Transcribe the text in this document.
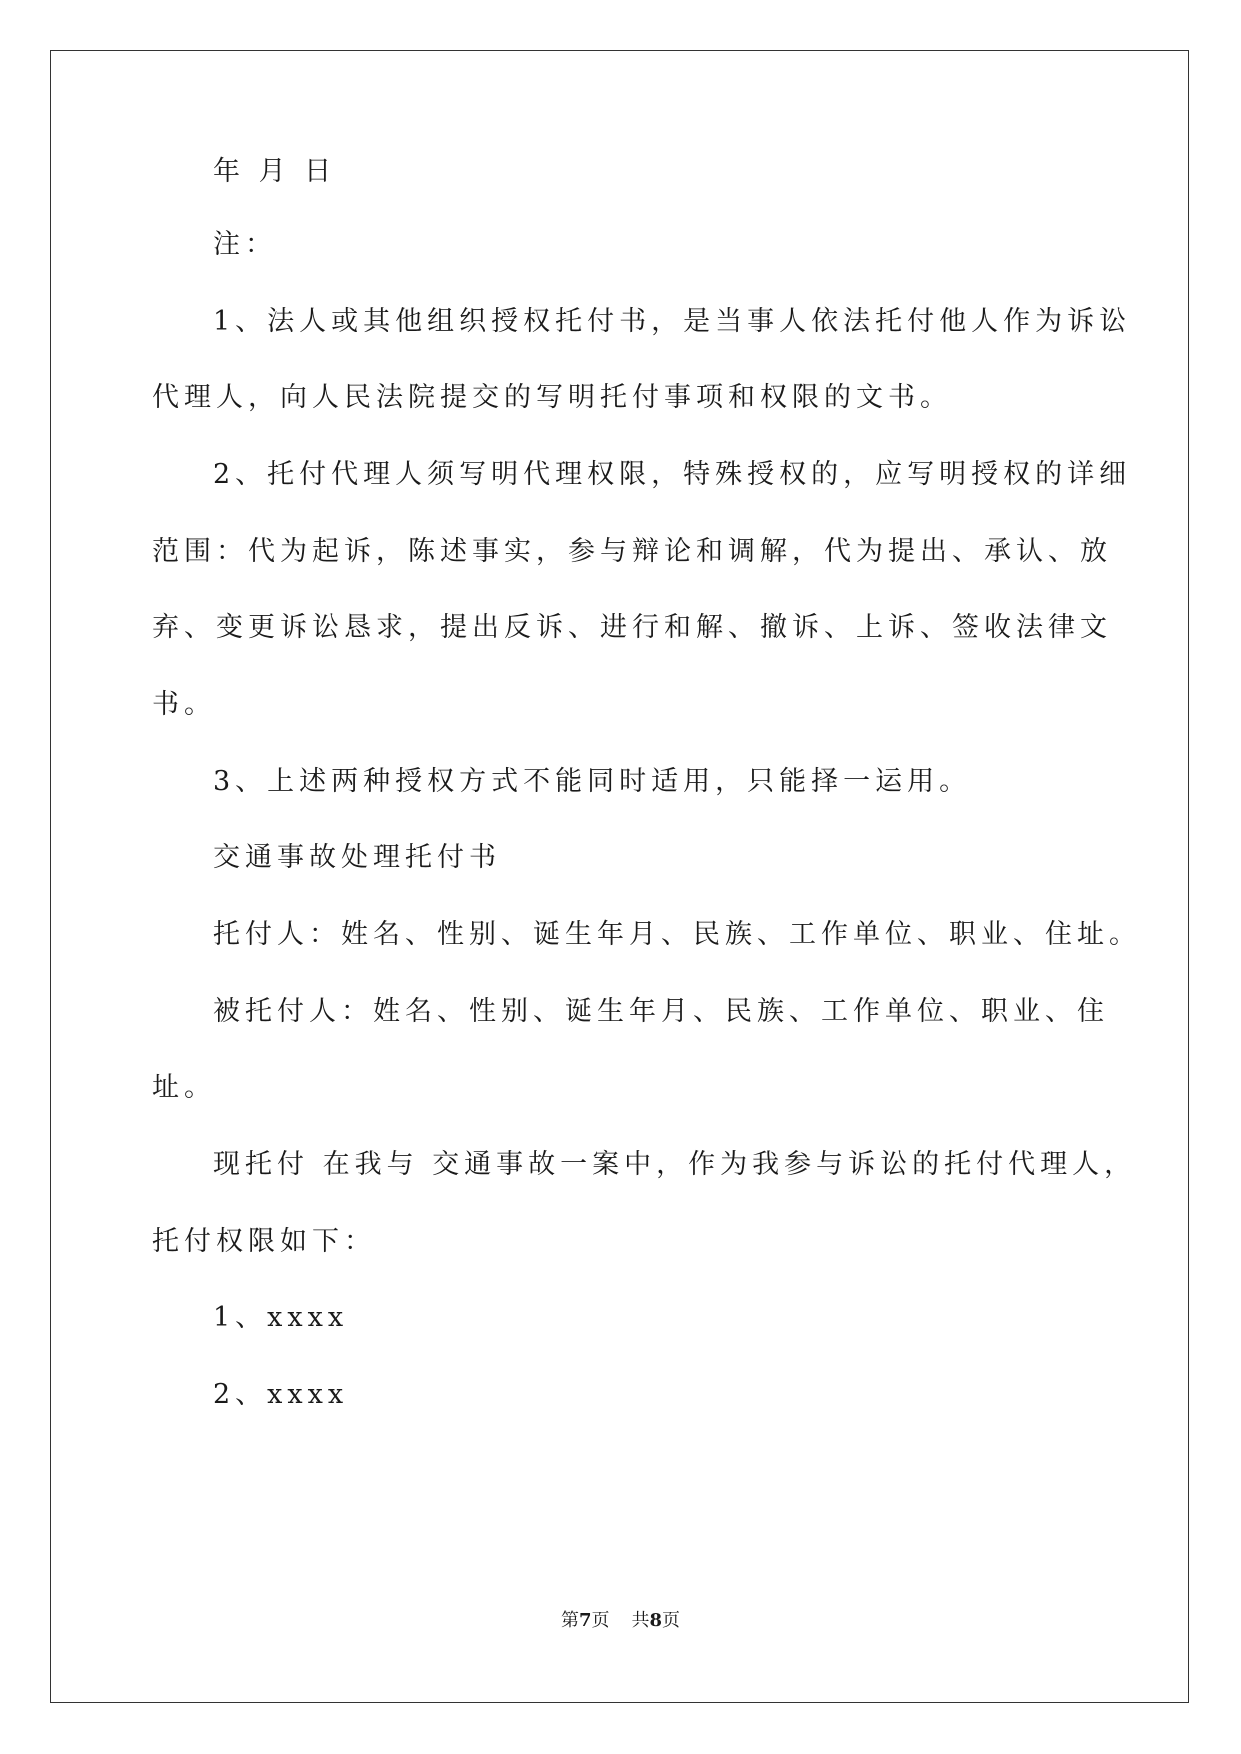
年 月 日
注：
1、法人或其他组织授权托付书，是当事人依法托付他人作为诉讼
代理人，向人民法院提交的写明托付事项和权限的文书。
2、托付代理人须写明代理权限，特殊授权的，应写明授权的详细
范围：代为起诉，陈述事实，参与辩论和调解，代为提出、承认、放
弃、变更诉讼恳求，提出反诉、进行和解、撤诉、上诉、签收法律文
书。
3、上述两种授权方式不能同时适用，只能择一运用。
交通事故处理托付书
托付人：姓名、性别、诞生年月、民族、工作单位、职业、住址。
被托付人：姓名、性别、诞生年月、民族、工作单位、职业、住
址。
现托付 在我与 交通事故一案中，作为我参与诉讼的托付代理人，
托付权限如下：
1、xxxx
2、xxxx
第7页 共8页
